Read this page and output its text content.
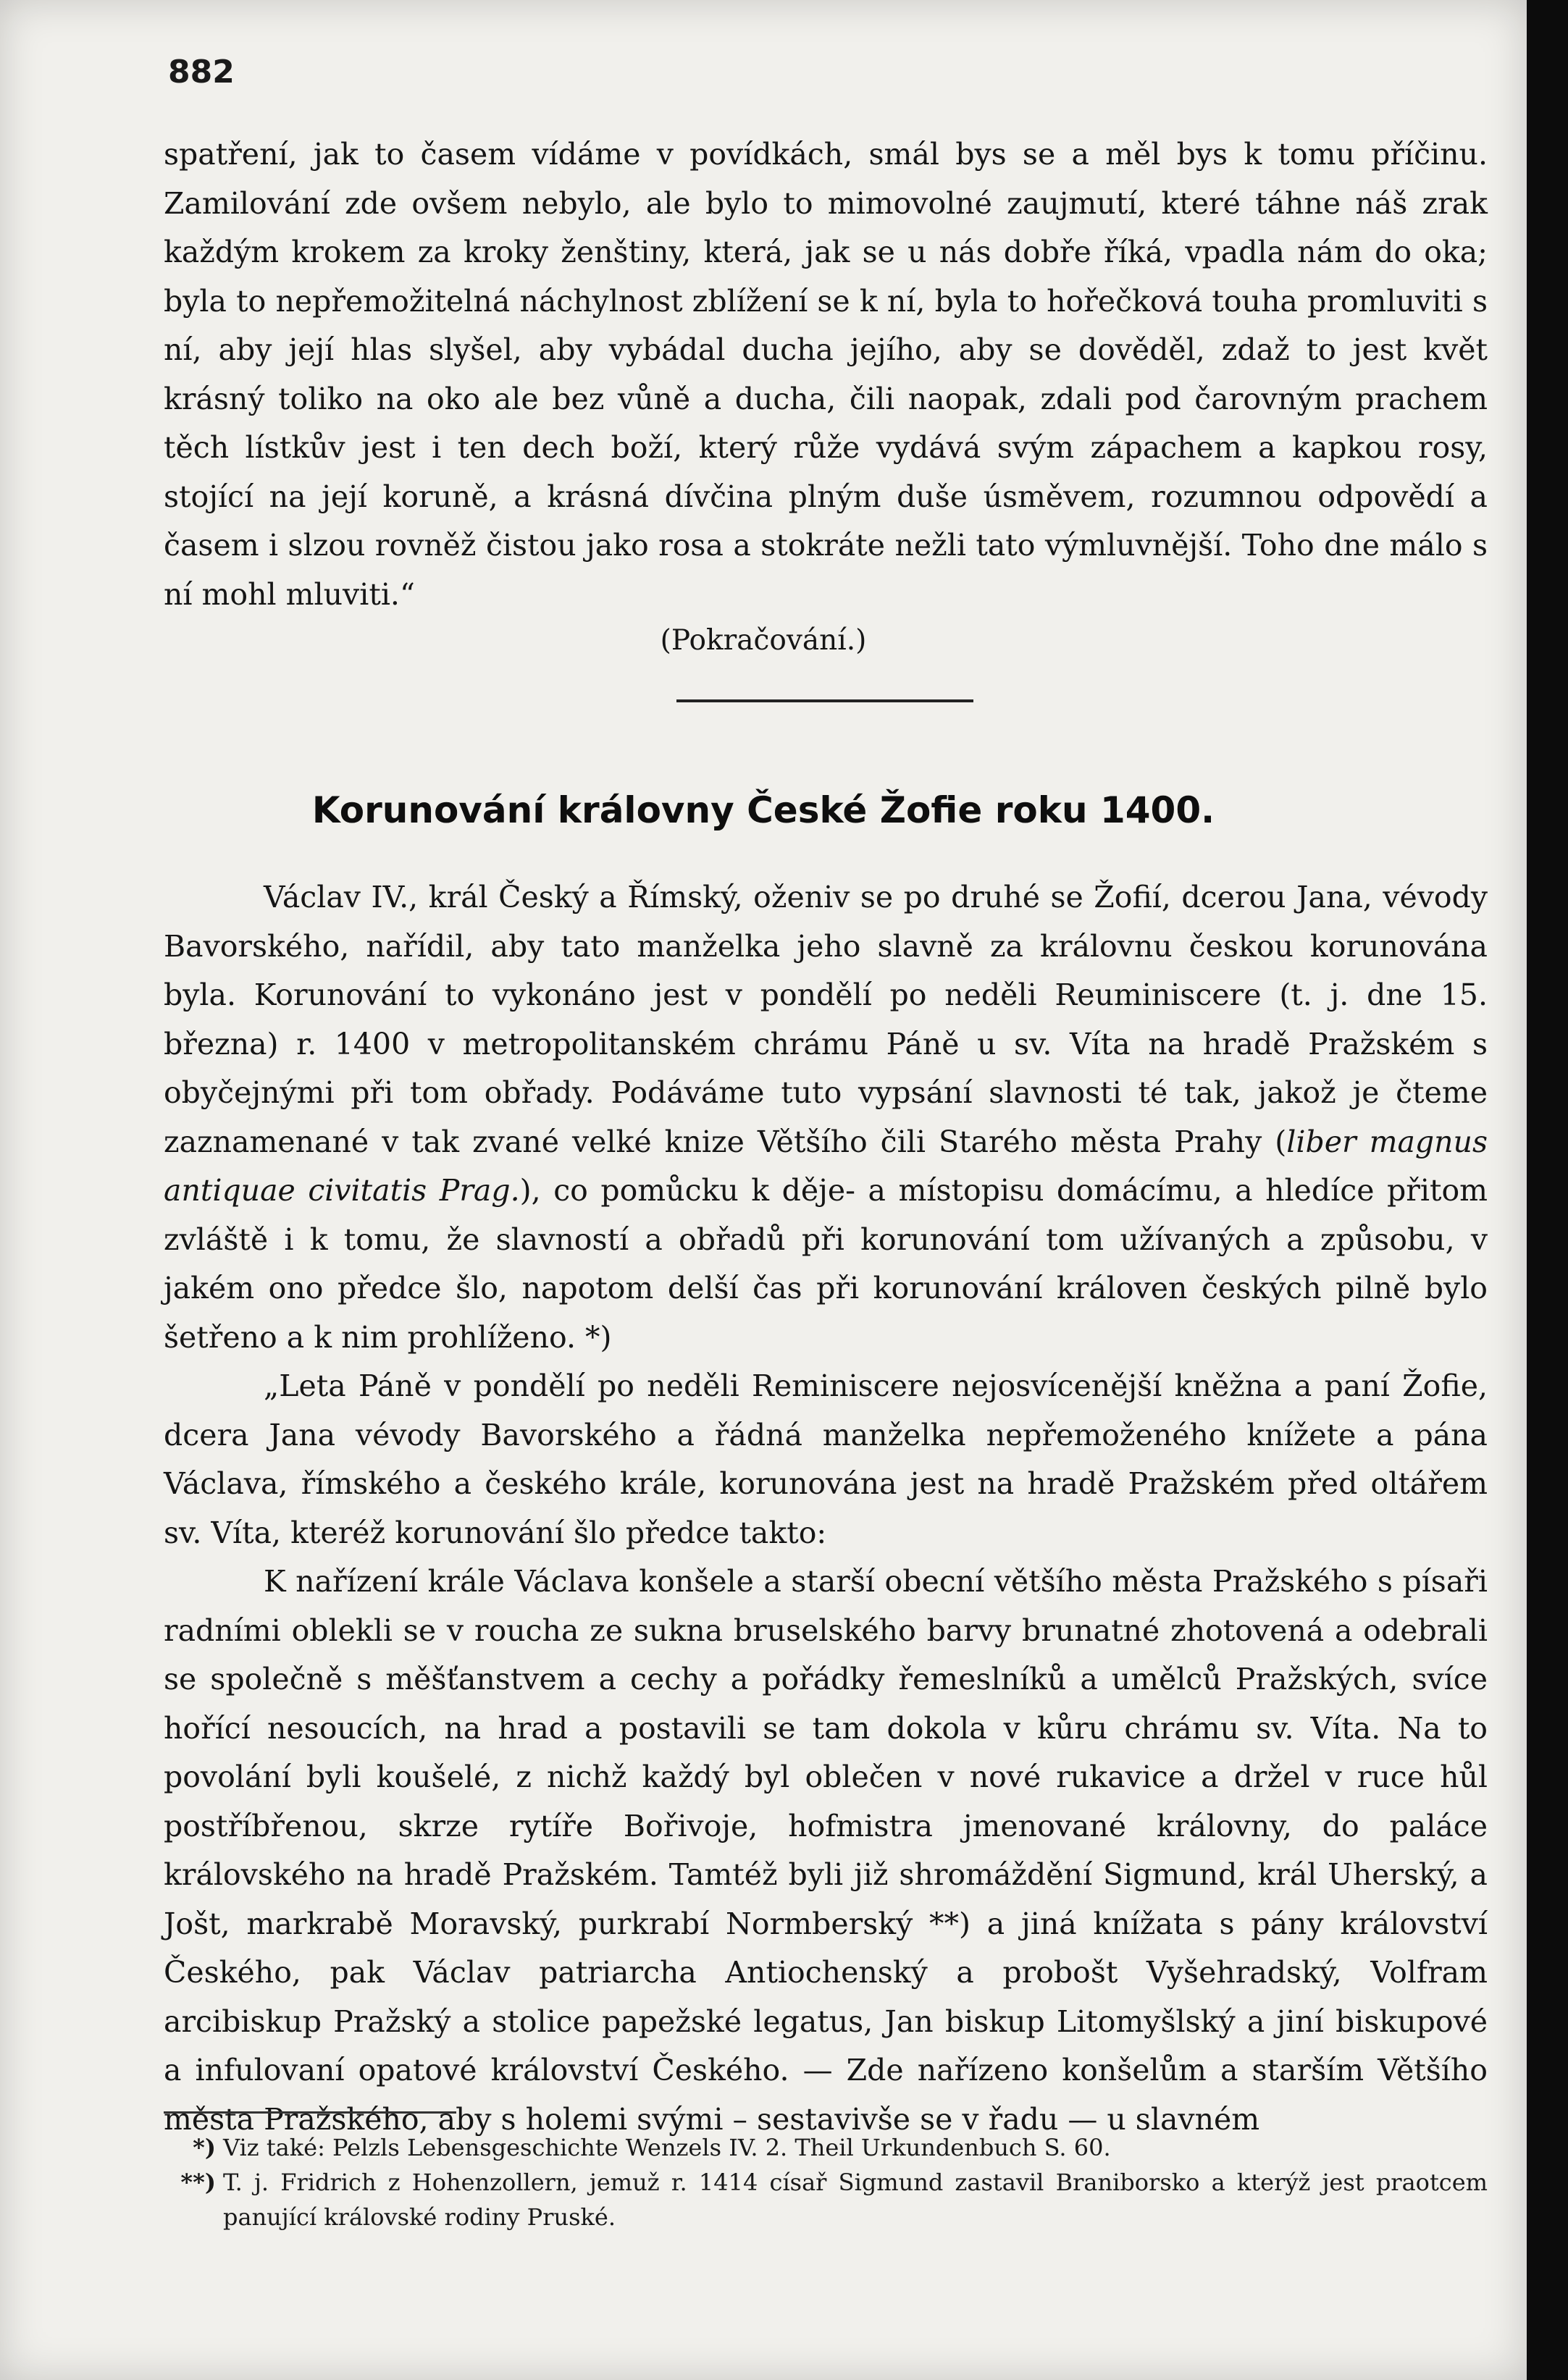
882

spatření, jak to časem vídáme v povídkách, smál bys se a měl bys k tomu příčinu. Zamilování zde ovšem nebylo, ale bylo to mimovolné zaujmutí, které táhne náš zrak každým krokem za kroky ženštiny, která, jak se u nás dobře říká, vpadla nám do oka; byla to nepřemožitelná náchylnost zblížení se k ní, byla to hořečková touha promluviti s ní, aby její hlas slyšel, aby vybádal ducha jejího, aby se dověděl, zdaž to jest květ krásný toliko na oko ale bez vůně a ducha, čili naopak, zdali pod čarovným prachem těch lístkův jest i ten dech boží, který růže vydává svým zápachem a kapkou rosy, stojící na její koruně, a krásná dívčina plným duše úsměvem, rozumnou odpovědí a časem i slzou rovněž čistou jako rosa a stokráte nežli tato výmluvnější. Toho dne málo s ní mohl mluviti.“

(Pokračování.)
Korunování královny České Žofie roku 1400.

Václav IV., král Český a Římský, oženiv se po druhé se Žofií, dcerou Jana, vévody Bavorského, nařídil, aby tato manželka jeho slavně za královnu českou korunována byla. Korunování to vykonáno jest v pondělí po neděli Reuminiscere (t. j. dne 15. března) r. 1400 v metropolitanském chrámu Páně u sv. Víta na hradě Pražském s obyčejnými při tom obřady. Podáváme tuto vypsání slavnosti té tak, jakož je čteme zaznamenané v tak zvané velké knize Většího čili Starého města Prahy (liber magnus antiquae civitatis Prag.), co pomůcku k děje- a místopisu domácímu, a hledíce přitom zvláště i k tomu, že slavností a obřadů při korunování tom užívaných a způsobu, v jakém ono předce šlo, napotom delší čas při korunování královen českých pilně bylo šetřeno a k nim prohlíženo. *)

„Leta Páně v pondělí po neděli Reminiscere nejosvícenější kněžna a paní Žofie, dcera Jana vévody Bavorského a řádná manželka nepřemoženého knížete a pána Václava, římského a českého krále, korunována jest na hradě Pražském před oltářem sv. Víta, kteréž korunování šlo předce takto:

K nařízení krále Václava konšele a starší obecní většího města Pražského s písaři radními oblekli se v roucha ze sukna bruselského barvy brunatné zhotovená a odebrali se společně s měšťanstvem a cechy a pořádky řemeslníků a umělců Pražských, svíce hořící nesoucích, na hrad a postavili se tam dokola v kůru chrámu sv. Víta. Na to povolání byli koušelé, z nichž každý byl oblečen v nové rukavice a držel v ruce hůl postříbřenou, skrze rytíře Bořivoje, hofmistra jmenované královny, do paláce královského na hradě Pražském. Tamtéž byli již shromáždění Sigmund, král Uherský, a Jošt, markrabě Moravský, purkrabí Normberský **) a jiná knížata s pány království Českého, pak Václav patriarcha Antiochenský a probošt Vyšehradský, Volfram arcibiskup Pražský a stolice papežské legatus, Jan biskup Litomyšlský a jiní biskupové a infulovaní opatové království Českého. — Zde nařízeno konšelům a starším Většího města Pražského, aby s holemi svými – sestavivše se v řadu — u slavném

*) Viz také: Pelzls Lebensgeschichte Wenzels IV. 2. Theil Urkundenbuch S. 60.
**) T. j. Fridrich z Hohenzollern, jemuž r. 1414 císař Sigmund zastavil Braniborsko a kterýž jest praotcem panující královské rodiny Pruské.
